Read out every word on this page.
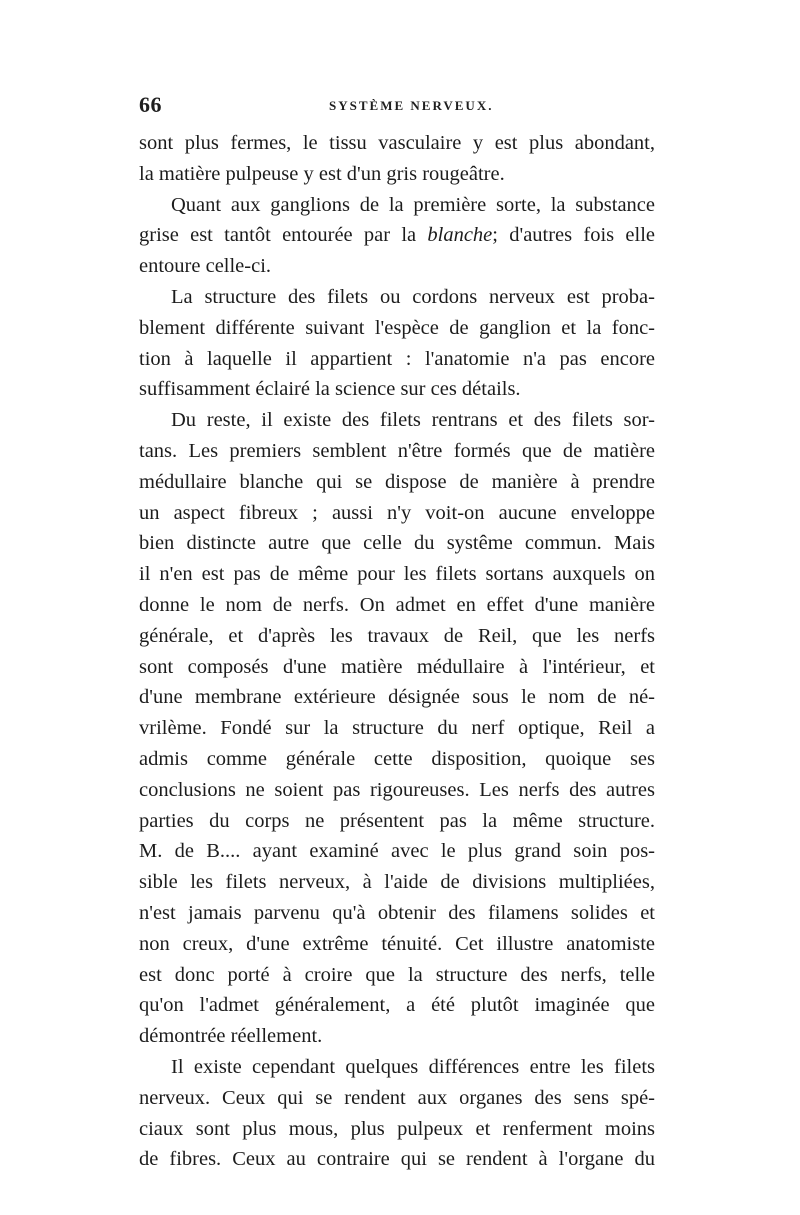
66	SYSTÈME NERVEUX.
sont plus fermes, le tissu vasculaire y est plus abondant,
la matière pulpeuse y est d'un gris rougeâtre.
Quant aux ganglions de la première sorte, la substance
grise est tantôt entourée par la blanche; d'autres fois elle
entoure celle-ci.
La structure des filets ou cordons nerveux est proba-
blement différente suivant l'espèce de ganglion et la fonc-
tion à laquelle il appartient : l'anatomie n'a pas encore
suffisamment éclairé la science sur ces détails.
Du reste, il existe des filets rentrans et des filets sor-
tans. Les premiers semblent n'être formés que de matière
médullaire blanche qui se dispose de manière à prendre
un aspect fibreux ; aussi n'y voit-on aucune enveloppe
bien distincte autre que celle du systême commun. Mais
il n'en est pas de même pour les filets sortans auxquels on
donne le nom de nerfs. On admet en effet d'une manière
générale, et d'après les travaux de Reil, que les nerfs
sont composés d'une matière médullaire à l'intérieur, et
d'une membrane extérieure désignée sous le nom de né-
vrilème. Fondé sur la structure du nerf optique, Reil a
admis comme générale cette disposition, quoique ses
conclusions ne soient pas rigoureuses. Les nerfs des autres
parties du corps ne présentent pas la même structure.
M. de B.... ayant examiné avec le plus grand soin pos-
sible les filets nerveux, à l'aide de divisions multipliées,
n'est jamais parvenu qu'à obtenir des filamens solides et
non creux, d'une extrême ténuité. Cet illustre anatomiste
est donc porté à croire que la structure des nerfs, telle
qu'on l'admet généralement, a été plutôt imaginée que
démontrée réellement.
Il existe cependant quelques différences entre les filets
nerveux. Ceux qui se rendent aux organes des sens spé-
ciaux sont plus mous, plus pulpeux et renferment moins
de fibres. Ceux au contraire qui se rendent à l'organe du
